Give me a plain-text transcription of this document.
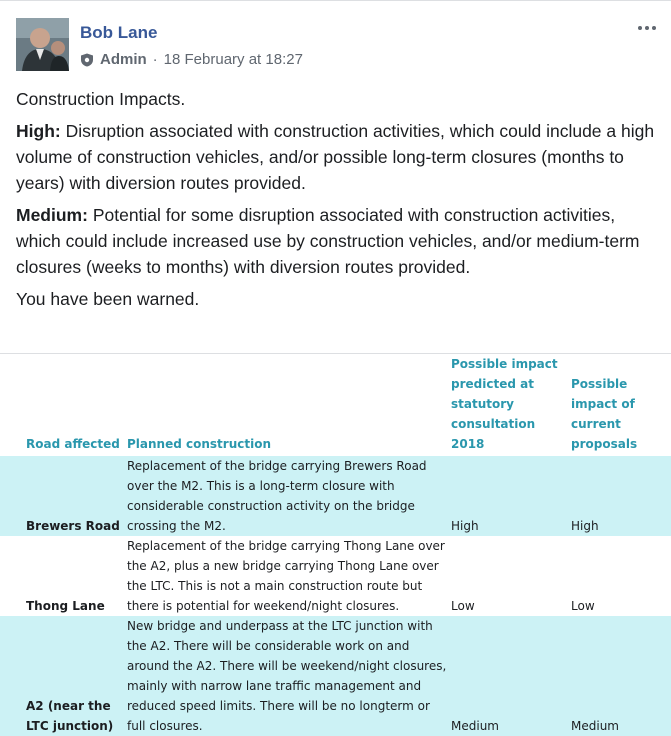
Bob Lane
Admin · 18 February at 18:27

Construction Impacts.

High: Disruption associated with construction activities, which could include a high volume of construction vehicles, and/or possible long-term closures (months to years) with diversion routes provided.

Medium: Potential for some disruption associated with construction activities, which could include increased use by construction vehicles, and/or medium-term closures (weeks to months) with diversion routes provided.

You have been warned.

Road affected	Planned construction	Possible impact predicted at statutory consultation 2018	Possible impact of current proposals
Brewers Road	Replacement of the bridge carrying Brewers Road over the M2. This is a long-term closure with considerable construction activity on the bridge crossing the M2.	High	High
Thong Lane	Replacement of the bridge carrying Thong Lane over the A2, plus a new bridge carrying Thong Lane over the LTC. This is not a main construction route but there is potential for weekend/night closures.	Low	Low
A2 (near the LTC junction)	New bridge and underpass at the LTC junction with the A2. There will be considerable work on and around the A2. There will be weekend/night closures, mainly with narrow lane traffic management and reduced speed limits. There will be no longterm or full closures.	Medium	Medium
